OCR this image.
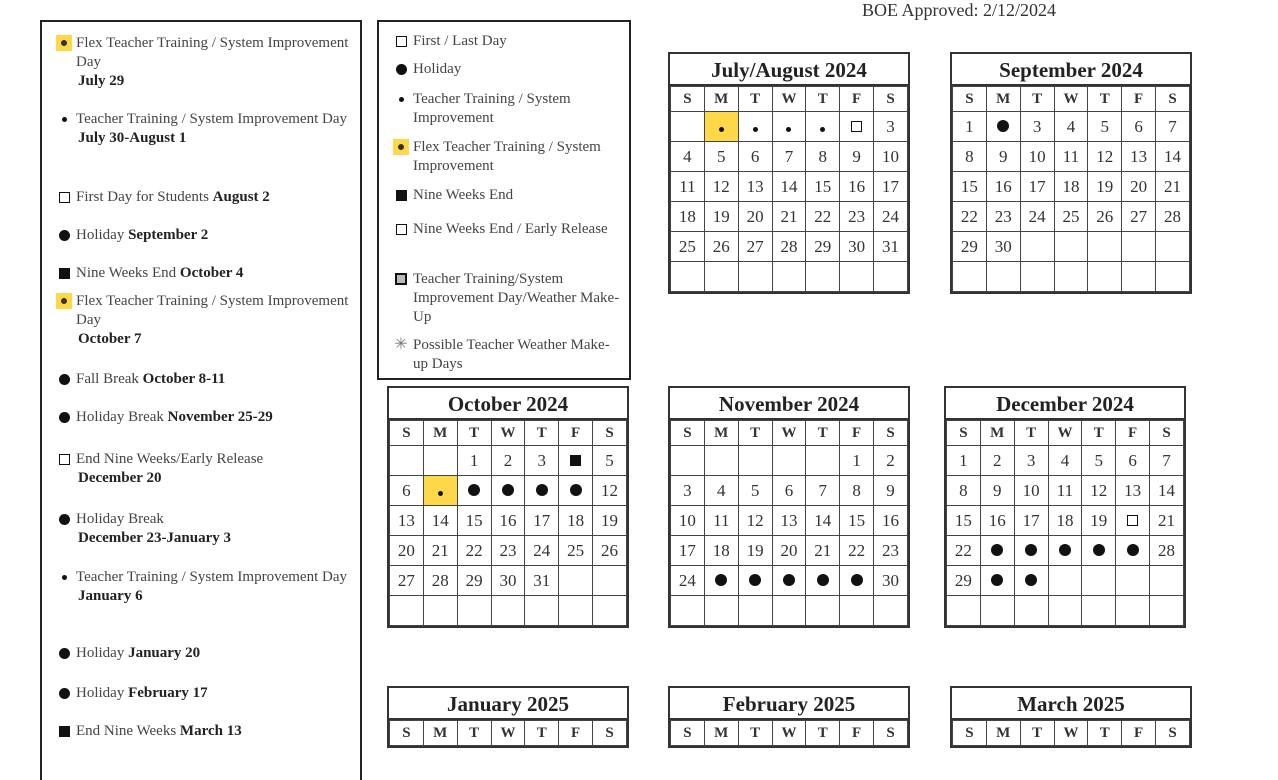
BOE Approved: 2/12/2024
Flex Teacher Training / System Improvement Day
July 29
Teacher Training / System Improvement Day
July 30-August 1
First Day for Students August 2
Holiday September 2
Nine Weeks End October 4
Flex Teacher Training / System Improvement Day
October 7
Fall Break October 8-11
Holiday Break November 25-29
End Nine Weeks/Early Release
December 20
Holiday Break
December 23-January 3
Teacher Training / System Improvement Day
January 6
Holiday January 20
Holiday February 17
End Nine Weeks March 13
First / Last Day
Holiday
Teacher Training / System Improvement
Flex Teacher Training / System Improvement
Nine Weeks End
Nine Weeks End / Early Release
Teacher Training/System Improvement Day/Weather Make-Up
✳ Possible Teacher Weather Make-up Days
July/August 2024
S	M	T	W	T	F	S
						3
4	5	6	7	8	9	10
11	12	13	14	15	16	17
18	19	20	21	22	23	24
25	26	27	28	29	30	31

September 2024
S	M	T	W	T	F	S
1		3	4	5	6	7
8	9	10	11	12	13	14
15	16	17	18	19	20	21
22	23	24	25	26	27	28
29	30					

October 2024
S	M	T	W	T	F	S
		1	2	3		5
6						12
13	14	15	16	17	18	19
20	21	22	23	24	25	26
27	28	29	30	31		

November 2024
S	M	T	W	T	F	S
					1	2
3	4	5	6	7	8	9
10	11	12	13	14	15	16
17	18	19	20	21	22	23
24						30

December 2024
S	M	T	W	T	F	S
1	2	3	4	5	6	7
8	9	10	11	12	13	14
15	16	17	18	19		21
22						28
29						

January 2025
S	M	T	W	T	F	S
February 2025
S	M	T	W	T	F	S
March 2025
S	M	T	W	T	F	S
